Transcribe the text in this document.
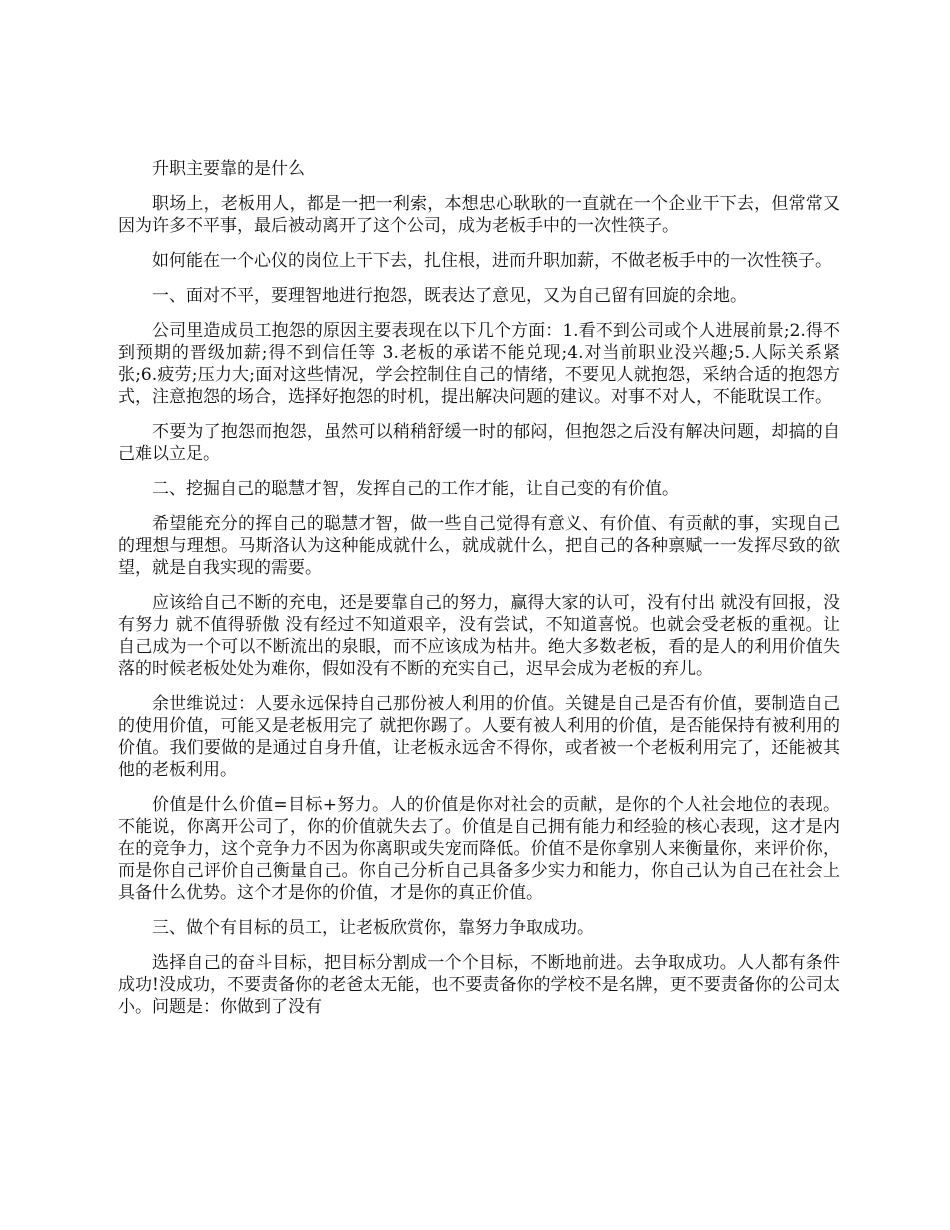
升职主要靠的是什么

职场上，老板用人，都是一把一利索，本想忠心耿耿的一直就在一个企业干下去，但常常又因为许多不平事，最后被动离开了这个公司，成为老板手中的一次性筷子。

如何能在一个心仪的岗位上干下去，扎住根，进而升职加薪，不做老板手中的一次性筷子。

一、面对不平，要理智地进行抱怨，既表达了意见，又为自己留有回旋的余地。

公司里造成员工抱怨的原因主要表现在以下几个方面：1.看不到公司或个人进展前景;2.得不到预期的晋级加薪;得不到信任等 3.老板的承诺不能兑现;4.对当前职业没兴趣;5.人际关系紧张;6.疲劳;压力大;面对这些情况，学会控制住自己的情绪，不要见人就抱怨，采纳合适的抱怨方式，注意抱怨的场合，选择好抱怨的时机，提出解决问题的建议。对事不对人，不能耽误工作。

不要为了抱怨而抱怨，虽然可以稍稍舒缓一时的郁闷，但抱怨之后没有解决问题，却搞的自己难以立足。

二、挖掘自己的聪慧才智，发挥自己的工作才能，让自己变的有价值。

希望能充分的挥自己的聪慧才智，做一些自己觉得有意义、有价值、有贡献的事，实现自己的理想与理想。马斯洛认为这种能成就什么，就成就什么，把自己的各种禀赋一一发挥尽致的欲望，就是自我实现的需要。

应该给自己不断的充电，还是要靠自己的努力，赢得大家的认可，没有付出 就没有回报，没有努力 就不值得骄傲 没有经过不知道艰辛，没有尝试，不知道喜悦。也就会受老板的重视。让自己成为一个可以不断流出的泉眼，而不应该成为枯井。绝大多数老板，看的是人的利用价值失落的时候老板处处为难你，假如没有不断的充实自己，迟早会成为老板的弃儿。

余世维说过：人要永远保持自己那份被人利用的价值。关键是自己是否有价值，要制造自己的使用价值，可能又是老板用完了 就把你踢了。人要有被人利用的价值，是否能保持有被利用的价值。我们要做的是通过自身升值，让老板永远舍不得你，或者被一个老板利用完了，还能被其他的老板利用。

价值是什么价值=目标+努力。人的价值是你对社会的贡献，是你的个人社会地位的表现。不能说，你离开公司了，你的价值就失去了。价值是自己拥有能力和经验的核心表现，这才是内在的竞争力，这个竞争力不因为你离职或失宠而降低。价值不是你拿别人来衡量你，来评价你，而是你自己评价自己衡量自己。你自己分析自己具备多少实力和能力，你自己认为自己在社会上具备什么优势。这个才是你的价值，才是你的真正价值。

三、做个有目标的员工，让老板欣赏你，靠努力争取成功。

选择自己的奋斗目标，把目标分割成一个个目标，不断地前进。去争取成功。人人都有条件成功!没成功，不要责备你的老爸太无能，也不要责备你的学校不是名牌，更不要责备你的公司太小。问题是：你做到了没有
